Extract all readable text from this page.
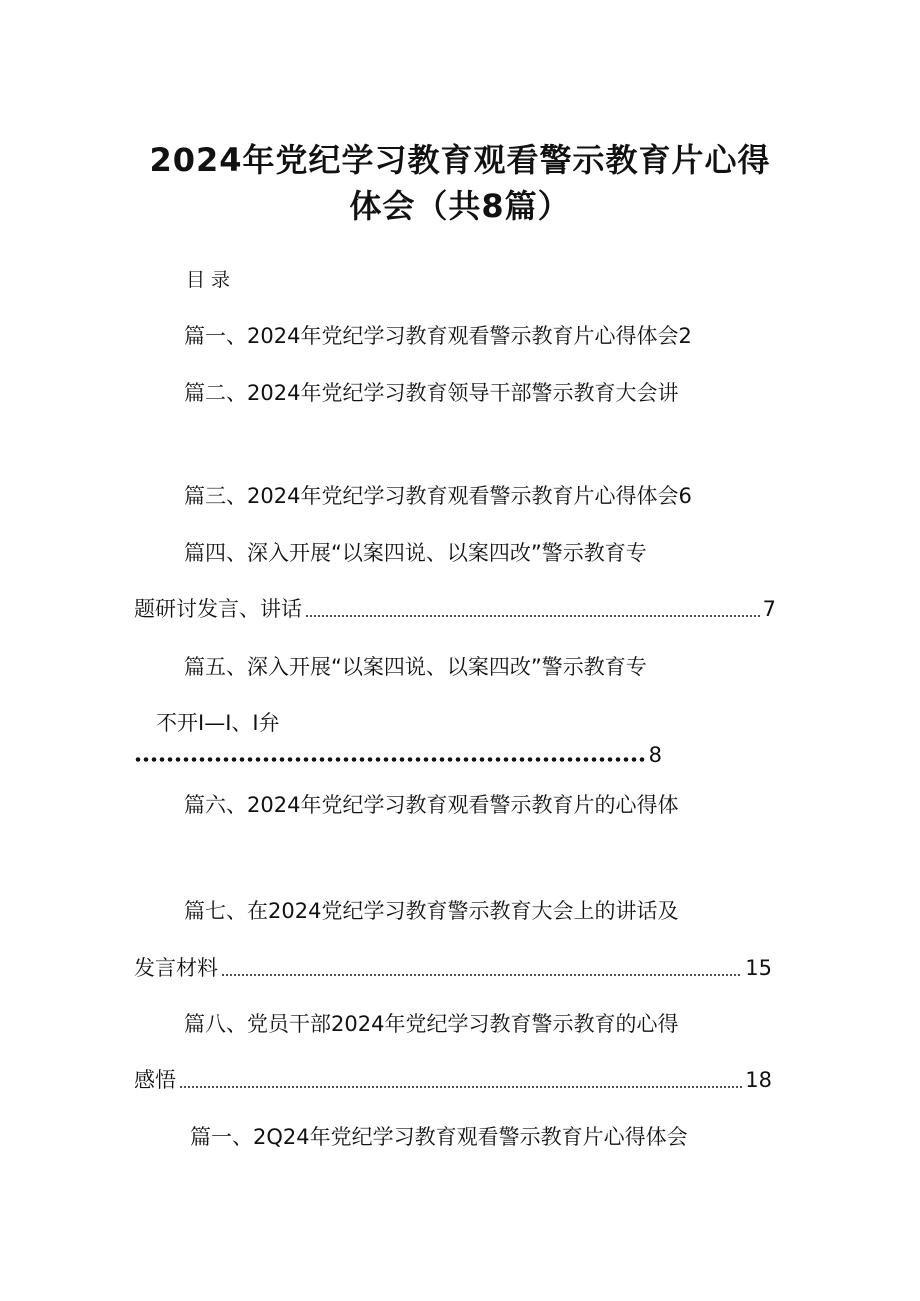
2024年党纪学习教育观看警示教育片心得
体会（共8篇）
目录
篇一、2024年党纪学习教育观看警示教育片心得体会2
篇二、2024年党纪学习教育领导干部警示教育大会讲
篇三、2024年党纪学习教育观看警示教育片心得体会6
篇四、深入开展“以案四说、以案四改”警示教育专
题研讨发言、讲话	7
篇五、深入开展“以案四说、以案四改”警示教育专
不开I—I、I弁
8
篇六、2024年党纪学习教育观看警示教育片的心得体
篇七、在2024党纪学习教育警示教育大会上的讲话及
发言材料	15
篇八、党员干部2024年党纪学习教育警示教育的心得
感悟	18
篇一、2Q24年党纪学习教育观看警示教育片心得体会
